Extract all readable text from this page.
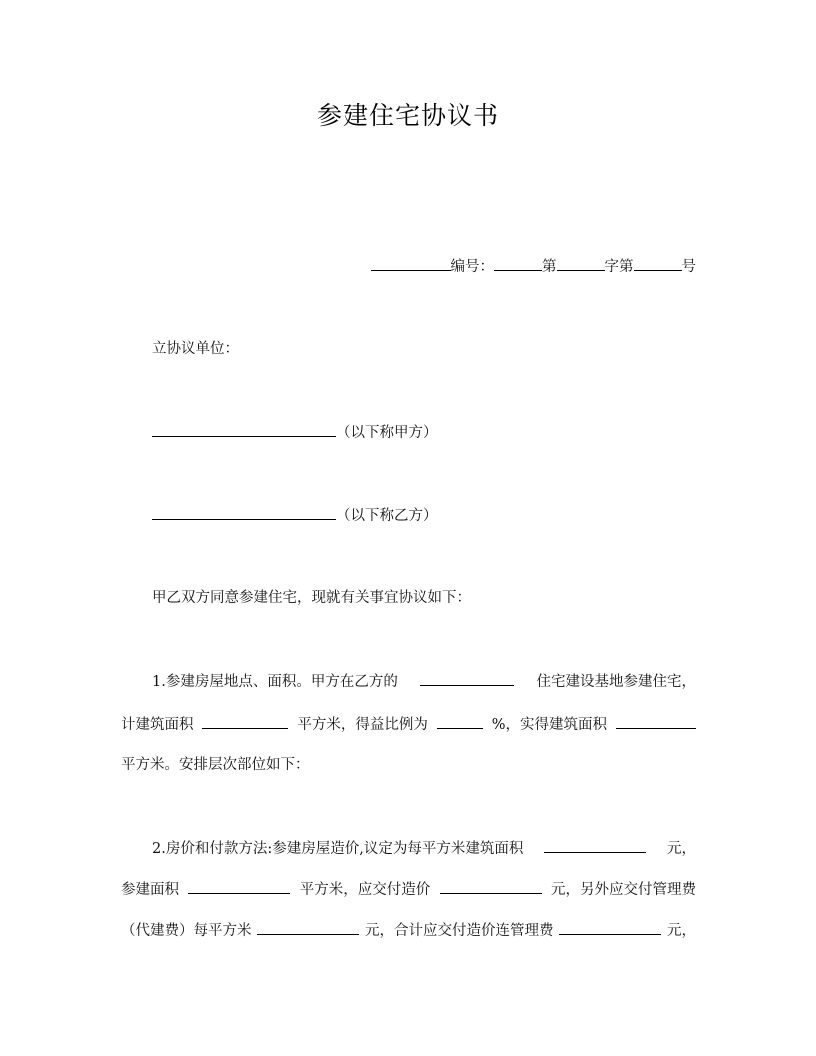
参建住宅协议书
编号：	第	字第	号
立协议单位：
（以下称甲方）
（以下称乙方）
甲乙双方同意参建住宅，现就有关事宜协议如下：
1.参建房屋地点、面积。甲方在乙方的	住宅建设基地参建住宅，
计建筑面积	平方米，得益比例为	%，实得建筑面积
平方米。安排层次部位如下：
2.房价和付款方法:参建房屋造价,议定为每平方米建筑面积	元，
参建面积	平方米，应交付造价	元，另外应交付管理费
（代建费）每平方米	元，合计应交付造价连管理费	元，
